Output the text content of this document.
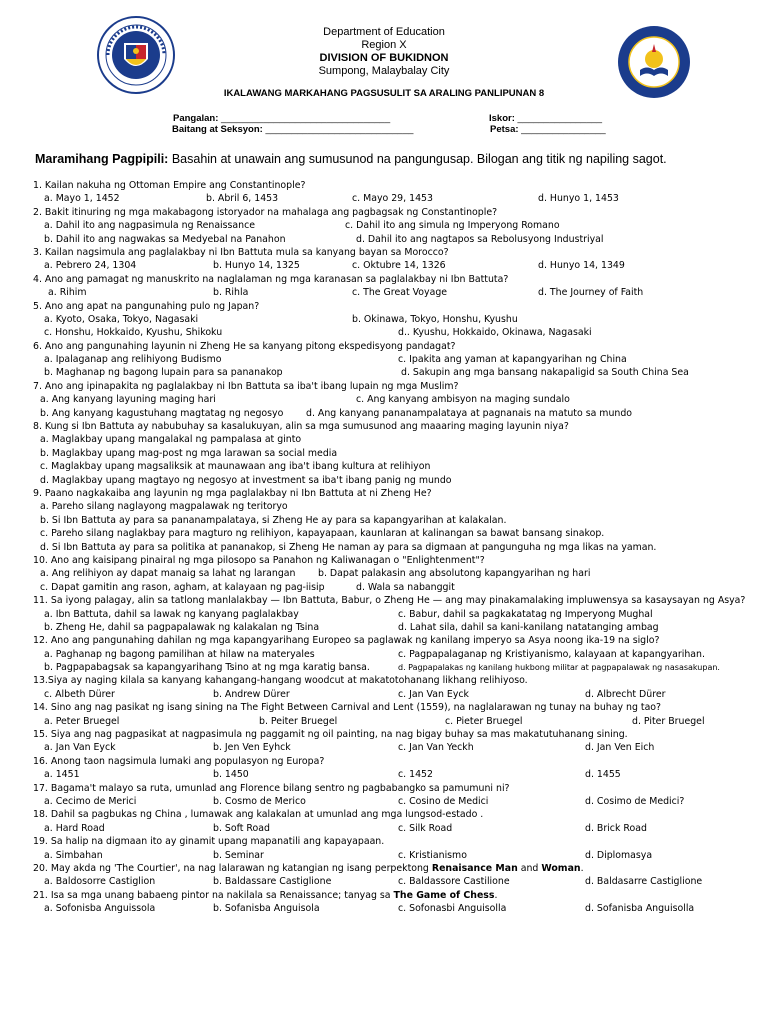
Department of Education
Region X
DIVISION OF BUKIDNON
Sumpong, Malaybalay City
IKALAWANG MARKAHANG PAGSUSULIT SA ARALING PANLIPUNAN 8
Pangalan: ________________________________	Iskor: ________________
Baitang at Seksyon: ____________________________	Petsa: ________________
Maramihang Pagpipili: Basahin at unawain ang sumusunod na pangungusap. Bilogan ang titik ng napiling sagot.
1. Kailan nakuha ng Ottoman Empire ang Constantinople?
a. Mayo 1, 1452	b. Abril 6, 1453	c. Mayo 29, 1453	d. Hunyo 1, 1453
2. Bakit itinuring ng mga makabagong istoryador na mahalaga ang pagbagsak ng Constantinople?
a. Dahil ito ang nagpasimula ng Renaissance	c. Dahil ito ang simula ng Imperyong Romano
b. Dahil ito ang nagwakas sa Medyebal na Panahon	d. Dahil ito ang nagtapos sa Rebolusyong Industriyal
3. Kailan nagsimula ang paglalakbay ni Ibn Battuta mula sa kanyang bayan sa Morocco?
a. Pebrero 24, 1304	b. Hunyo 14, 1325	c. Oktubre 14, 1326	d. Hunyo 14, 1349
4. Ano ang pamagat ng manuskrito na naglalaman ng mga karanasan sa paglalakbay ni Ibn Battuta?
a. Rihim	b. Rihla	c. The Great Voyage	d. The Journey of Faith
5. Ano ang apat na pangunahing pulo ng Japan?
a. Kyoto, Osaka, Tokyo, Nagasaki	b. Okinawa, Tokyo, Honshu, Kyushu
c. Honshu, Hokkaido, Kyushu, Shikoku	d.. Kyushu, Hokkaido, Okinawa, Nagasaki
6. Ano ang pangunahing layunin ni Zheng He sa kanyang pitong ekspedisyong pandagat?
a. Ipalaganap ang relihiyong Budismo	c. Ipakita ang yaman at kapangyarihan ng China
b. Maghanap ng bagong lupain para sa pananakop	d. Sakupin ang mga bansang nakapaligid sa South China Sea
7. Ano ang ipinapakita ng paglalakbay ni Ibn Battuta sa iba't ibang lupain ng mga Muslim?
a. Ang kanyang layuning maging hari	c. Ang kanyang ambisyon na maging sundalo
b. Ang kanyang kagustuhang magtatag ng negosyo d. Ang kanyang pananampalataya at pagnanais na matuto sa mundo
8. Kung si Ibn Battuta ay nabubuhay sa kasalukuyan, alin sa mga sumusunod ang maaaring maging layunin niya?
a. Maglakbay upang mangalakal ng pampalasa at ginto
b. Maglakbay upang mag-post ng mga larawan sa social media
c. Maglakbay upang magsaliksik at maunawaan ang iba't ibang kultura at relihiyon
d. Maglakbay upang magtayo ng negosyo at investment sa iba't ibang panig ng mundo
9. Paano nagkakaiba ang layunin ng mga paglalakbay ni Ibn Battuta at ni Zheng He?
a. Pareho silang naglayong magpalawak ng teritoryo
b. Si Ibn Battuta ay para sa pananampalataya, si Zheng He ay para sa kapangyarihan at kalakalan.
c. Pareho silang naglakbay para magturo ng relihiyon, kapayapaan, kaunlaran at kalinangan sa bawat bansang sinakop.
d. Si Ibn Battuta ay para sa politika at pananakop, si Zheng He naman ay para sa digmaan at pangunguha ng mga likas na yaman.
10. Ano ang kaisipang pinairal ng mga pilosopo sa Panahon ng Kaliwanagan o "Enlightenment"?
a. Ang relihiyon ay dapat manaig sa lahat ng larangan b. Dapat palakasin ang absolutong kapangyarihan ng hari
c. Dapat gamitin ang rason, agham, at kalayaan ng pag-iisip	d. Wala sa nabanggit
11. Sa iyong palagay, alin sa tatlong manlalakbay — Ibn Battuta, Babur, o Zheng He — ang may pinakamalaking impluwensya sa kasaysayan ng Asya?
a. Ibn Battuta, dahil sa lawak ng kanyang paglalakbay	c. Babur, dahil sa pagkakatatag ng Imperyong Mughal
b. Zheng He, dahil sa pagpapalawak ng kalakalan ng Tsina	d. Lahat sila, dahil sa kani-kanilang natatanging ambag
12. Ano ang pangunahing dahilan ng mga kapangyarihang Europeo sa paglawak ng kanilang imperyo sa Asya noong ika-19 na siglo?
a. Paghanap ng bagong pamilihan at hilaw na materyales	c. Pagpapalaganap ng Kristiyanismo, kalayaan at kapangyarihan.
b. Pagpapabagsak sa kapangyarihang Tsino at ng mga karatig bansa.	d. Pagpapalakas ng kanilang hukbong militar at pagpapalawak ng nasasakupan.
13.Siya ay naging kilala sa kanyang kahangang-hangang woodcut at makatotohanang likhang relihiyoso.
c. Albeth Dürer	b. Andrew Dürer	c. Jan Van Eyck	d. Albrecht Dürer
14. Sino ang nag pasikat ng isang sining na The Fight Between Carnival and Lent (1559), na naglalarawan ng tunay na buhay ng tao?
a. Peter Bruegel	b. Peiter Bruegel	c. Pieter Bruegel	d. Piter Bruegel
15. Siya ang nag pagpasikat at nagpasimula ng paggamit ng oil painting, na nag bigay buhay sa mas makatutuhanang sining.
a. Jan Van Eyck	b. Jen Ven Eyhck	c. Jan Van Yeckh	d. Jan Ven Eich
16. Anong taon nagsimula lumaki ang populasyon ng Europa?
a. 1451	b. 1450	c. 1452	d. 1455
17. Bagama't malayo sa ruta, umunlad ang Florence bilang sentro ng pagbabangko sa pamumuni ni?
a. Cecimo de Merici	b. Cosmo de Merico	c. Cosino de Medici	d. Cosimo de Medici?
18. Dahil sa pagbukas ng China , lumawak ang kalakalan at umunlad ang mga lungsod-estado .
a. Hard Road	b. Soft Road	c. Silk Road	d. Brick Road
19. Sa halip na digmaan ito ay ginamit upang mapanatili ang kapayapaan.
a. Simbahan	b. Seminar	c. Kristianismo	d. Diplomasya
20. May akda ng 'The Courtier', na nag lalarawan ng katangian ng isang perpektong Renaisance Man and Woman.
a. Baldosorre Castiglion	b. Baldassare Castiglione	c. Baldassore Castilione	d. Baldasarre Castiglione
21. Isa sa mga unang babaeng pintor na nakilala sa Renaissance; tanyag sa The Game of Chess.
a. Sofonisba Anguissola	b. Sofanisba Anguisola	c. Sofonasbi Anguisolla	d. Sofanisba Anguisolla
